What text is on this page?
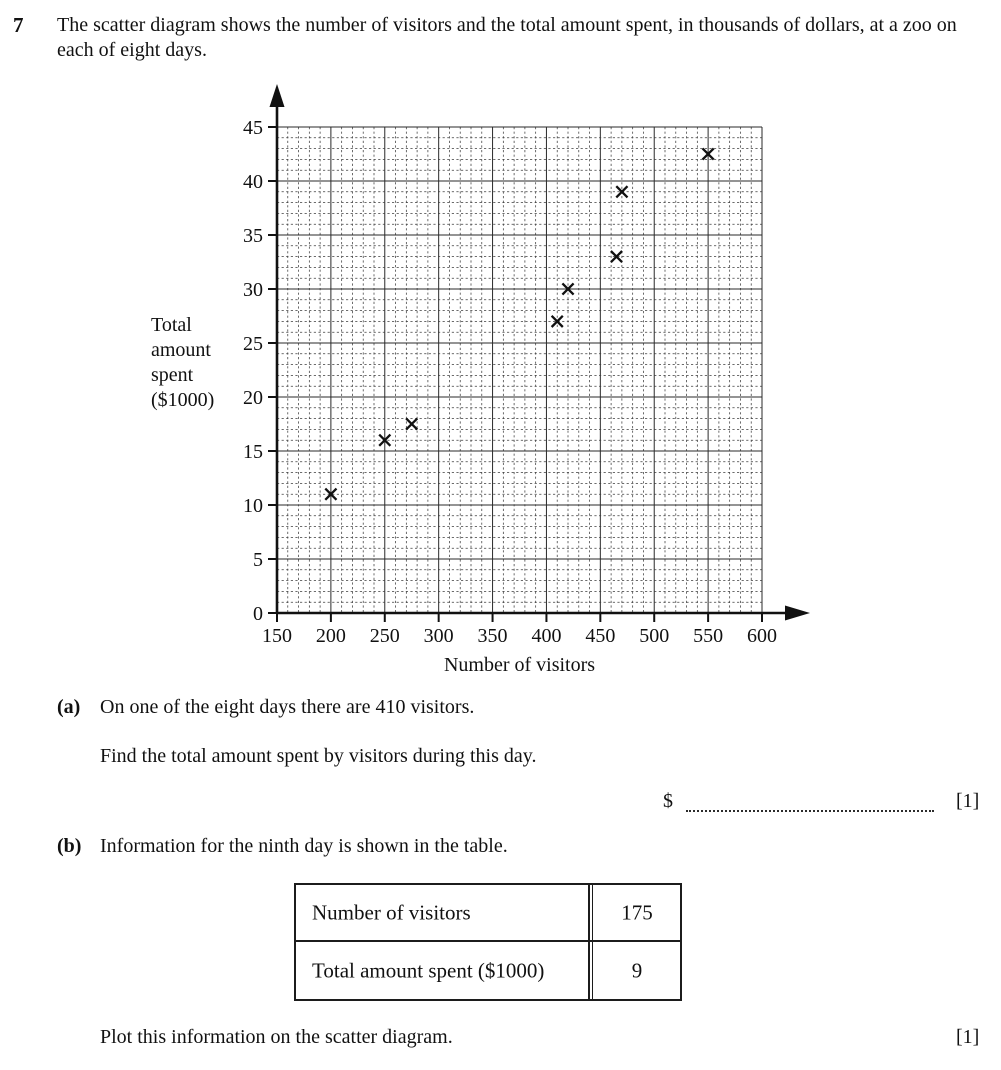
7 The scatter diagram shows the number of visitors and the total amount spent, in thousands of dollars, at a zoo on each of eight days.
Total
amount
spent
($1000)
150 200 250 300 350 400 450 500 550 600
0
5
10
15
20
25
30
35
40
45
Number of visitors
(a) On one of the eight days there are 410 visitors.
Find the total amount spent by visitors during this day.
$	[1]
(b) Information for the ninth day is shown in the table.
Number of visitors	175
Total amount spent ($1000)	9
Plot this information on the scatter diagram.	[1]
